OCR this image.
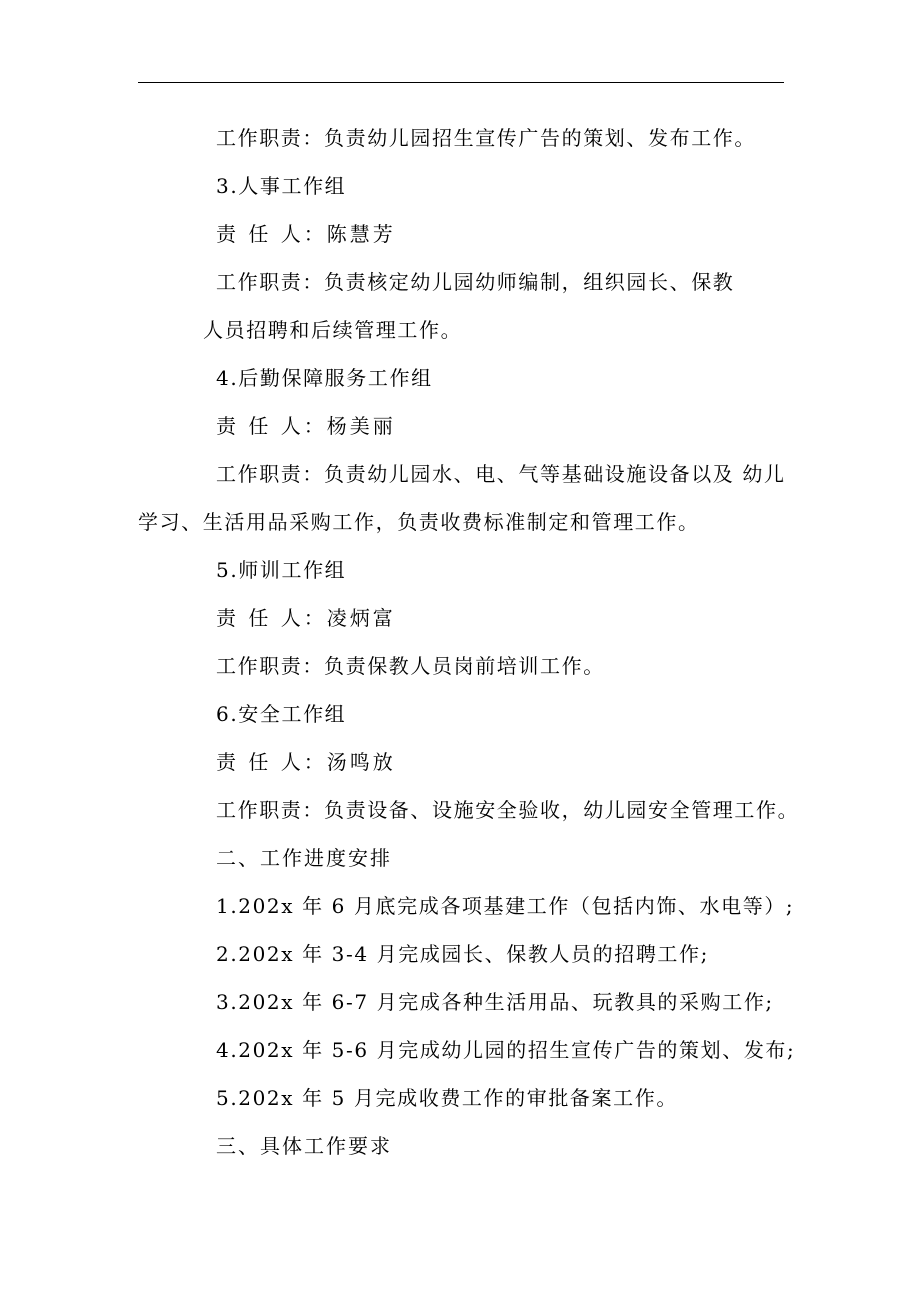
工作职责：负责幼儿园招生宣传广告的策划、发布工作。
3.人事工作组
责 任 人：陈慧芳
工作职责：负责核定幼儿园幼师编制，组织园长、保教
人员招聘和后续管理工作。
4.后勤保障服务工作组
责 任 人：杨美丽
工作职责：负责幼儿园水、电、气等基础设施设备以及 幼儿
学习、生活用品采购工作，负责收费标准制定和管理工作。
5.师训工作组
责 任 人：凌炳富
工作职责：负责保教人员岗前培训工作。
6.安全工作组
责 任 人：汤鸣放
工作职责：负责设备、设施安全验收，幼儿园安全管理工作。
二、工作进度安排
1.202x 年 6 月底完成各项基建工作（包括内饰、水电等）;
2.202x 年 3-4 月完成园长、保教人员的招聘工作;
3.202x 年 6-7 月完成各种生活用品、玩教具的采购工作;
4.202x 年 5-6 月完成幼儿园的招生宣传广告的策划、发布;
5.202x 年 5 月完成收费工作的审批备案工作。
三、具体工作要求
